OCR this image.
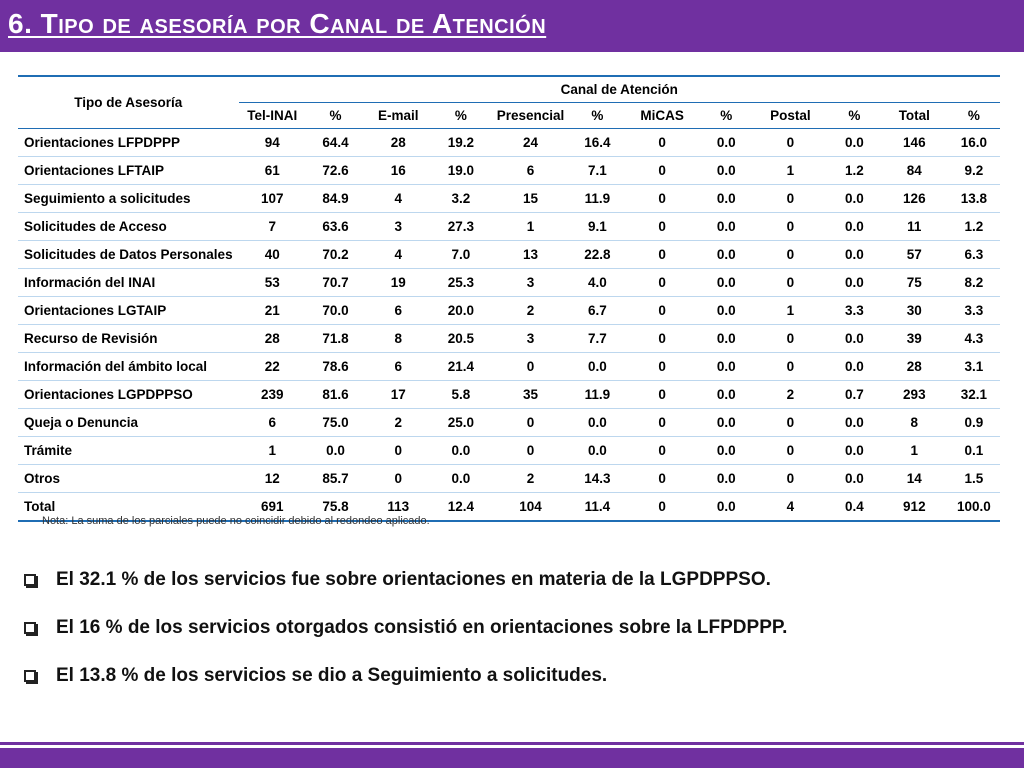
6. Tipo de asesoría por Canal de Atención
Tipo de Asesoría	Canal de Atención											
	Tel-INAI	%	E-mail	%	Presencial	%	MiCAS	%	Postal	%	Total	%
Orientaciones LFPDPPP	94	64.4	28	19.2	24	16.4	0	0.0	0	0.0	146	16.0
Orientaciones LFTAIP	61	72.6	16	19.0	6	7.1	0	0.0	1	1.2	84	9.2
Seguimiento a solicitudes	107	84.9	4	3.2	15	11.9	0	0.0	0	0.0	126	13.8
Solicitudes de Acceso	7	63.6	3	27.3	1	9.1	0	0.0	0	0.0	11	1.2
Solicitudes de Datos Personales	40	70.2	4	7.0	13	22.8	0	0.0	0	0.0	57	6.3
Información del INAI	53	70.7	19	25.3	3	4.0	0	0.0	0	0.0	75	8.2
Orientaciones LGTAIP	21	70.0	6	20.0	2	6.7	0	0.0	1	3.3	30	3.3
Recurso de Revisión	28	71.8	8	20.5	3	7.7	0	0.0	0	0.0	39	4.3
Información del ámbito local	22	78.6	6	21.4	0	0.0	0	0.0	0	0.0	28	3.1
Orientaciones LGPDPPSO	239	81.6	17	5.8	35	11.9	0	0.0	2	0.7	293	32.1
Queja o Denuncia	6	75.0	2	25.0	0	0.0	0	0.0	0	0.0	8	0.9
Trámite	1	0.0	0	0.0	0	0.0	0	0.0	0	0.0	1	0.1
Otros	12	85.7	0	0.0	2	14.3	0	0.0	0	0.0	14	1.5
Total	691	75.8	113	12.4	104	11.4	0	0.0	4	0.4	912	100.0
Nota: La suma de los parciales puede no coincidir debido al redondeo aplicado.
El 32.1 % de los servicios fue sobre orientaciones en materia de la LGPDPPSO.
El 16 % de los servicios otorgados consistió en orientaciones sobre la LFPDPPP.
El 13.8 % de los servicios se dio a Seguimiento a solicitudes.
